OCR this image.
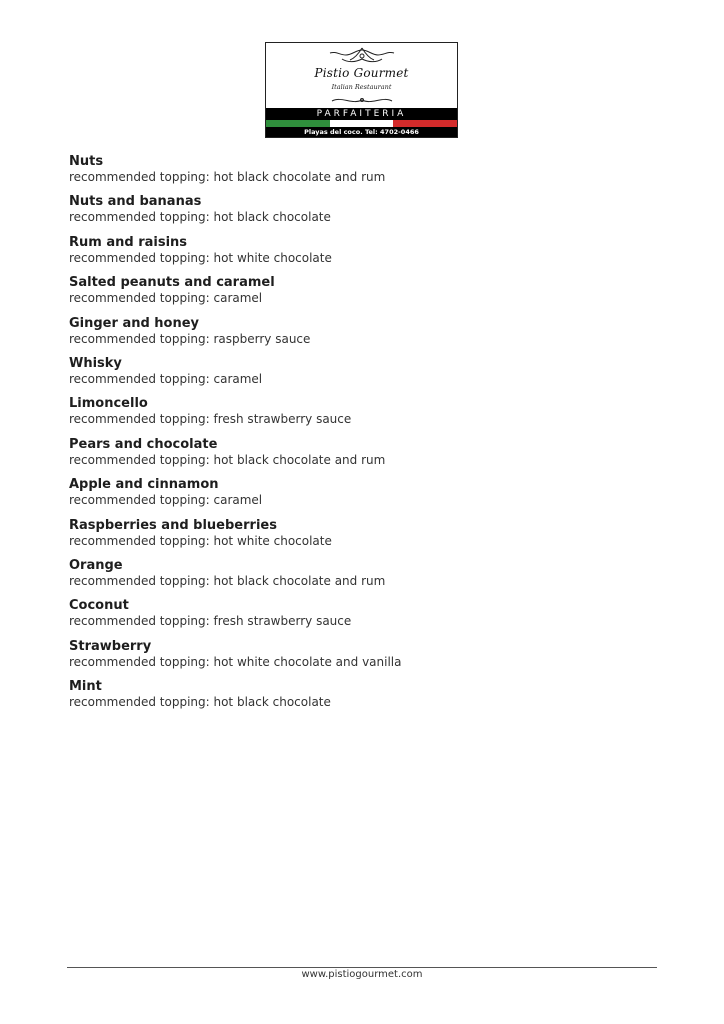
Pistio Gourmet
Italian Restaurant
PARFAITERIA
Playas del coco. Tel: 4702-0466
Nuts
recommended topping: hot black chocolate and rum
Nuts and bananas
recommended topping: hot black chocolate
Rum and raisins
recommended topping: hot white chocolate
Salted peanuts and caramel
recommended topping: caramel
Ginger and honey
recommended topping: raspberry sauce
Whisky
recommended topping: caramel
Limoncello
recommended topping: fresh strawberry sauce
Pears and chocolate
recommended topping: hot black chocolate and rum
Apple and cinnamon
recommended topping: caramel
Raspberries and blueberries
recommended topping: hot white chocolate
Orange
recommended topping: hot black chocolate and rum
Coconut
recommended topping: fresh strawberry sauce
Strawberry
recommended topping: hot white chocolate and vanilla
Mint
recommended topping: hot black chocolate
www.pistiogourmet.com
